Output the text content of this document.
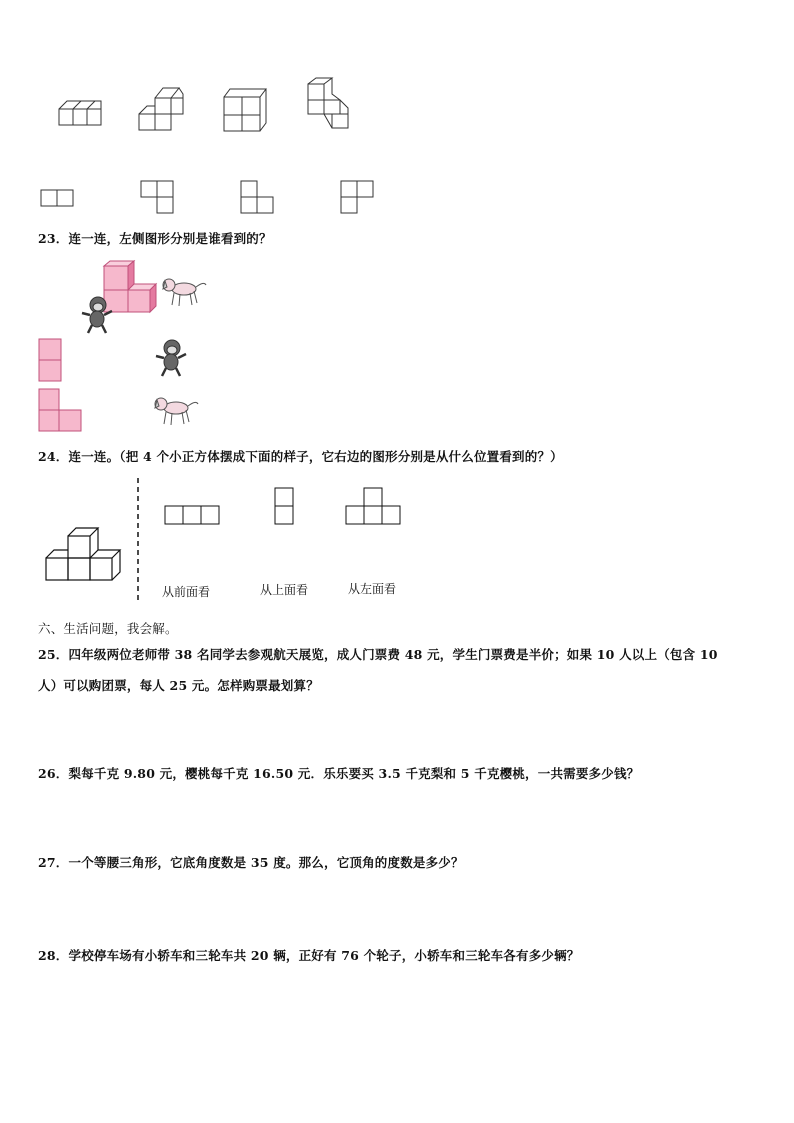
23．连一连，左侧图形分别是谁看到的？
24．连一连。（把 4 个小正方体摆成下面的样子，它右边的图形分别是从什么位置看到的？）
从前面看	从上面看	从左面看
六、生活问题，我会解。
25．四年级两位老师带 38 名同学去参观航天展览，成人门票费 48 元，学生门票费是半价；如果 10 人以上（包含 10
人）可以购团票，每人 25 元。怎样购票最划算？
26．梨每千克 9.80 元，樱桃每千克 16.50 元．乐乐要买 3.5 千克梨和 5 千克樱桃，一共需要多少钱？
27．一个等腰三角形，它底角度数是 35 度。那么，它顶角的度数是多少？
28．学校停车场有小轿车和三轮车共 20 辆，正好有 76 个轮子，小轿车和三轮车各有多少辆？
